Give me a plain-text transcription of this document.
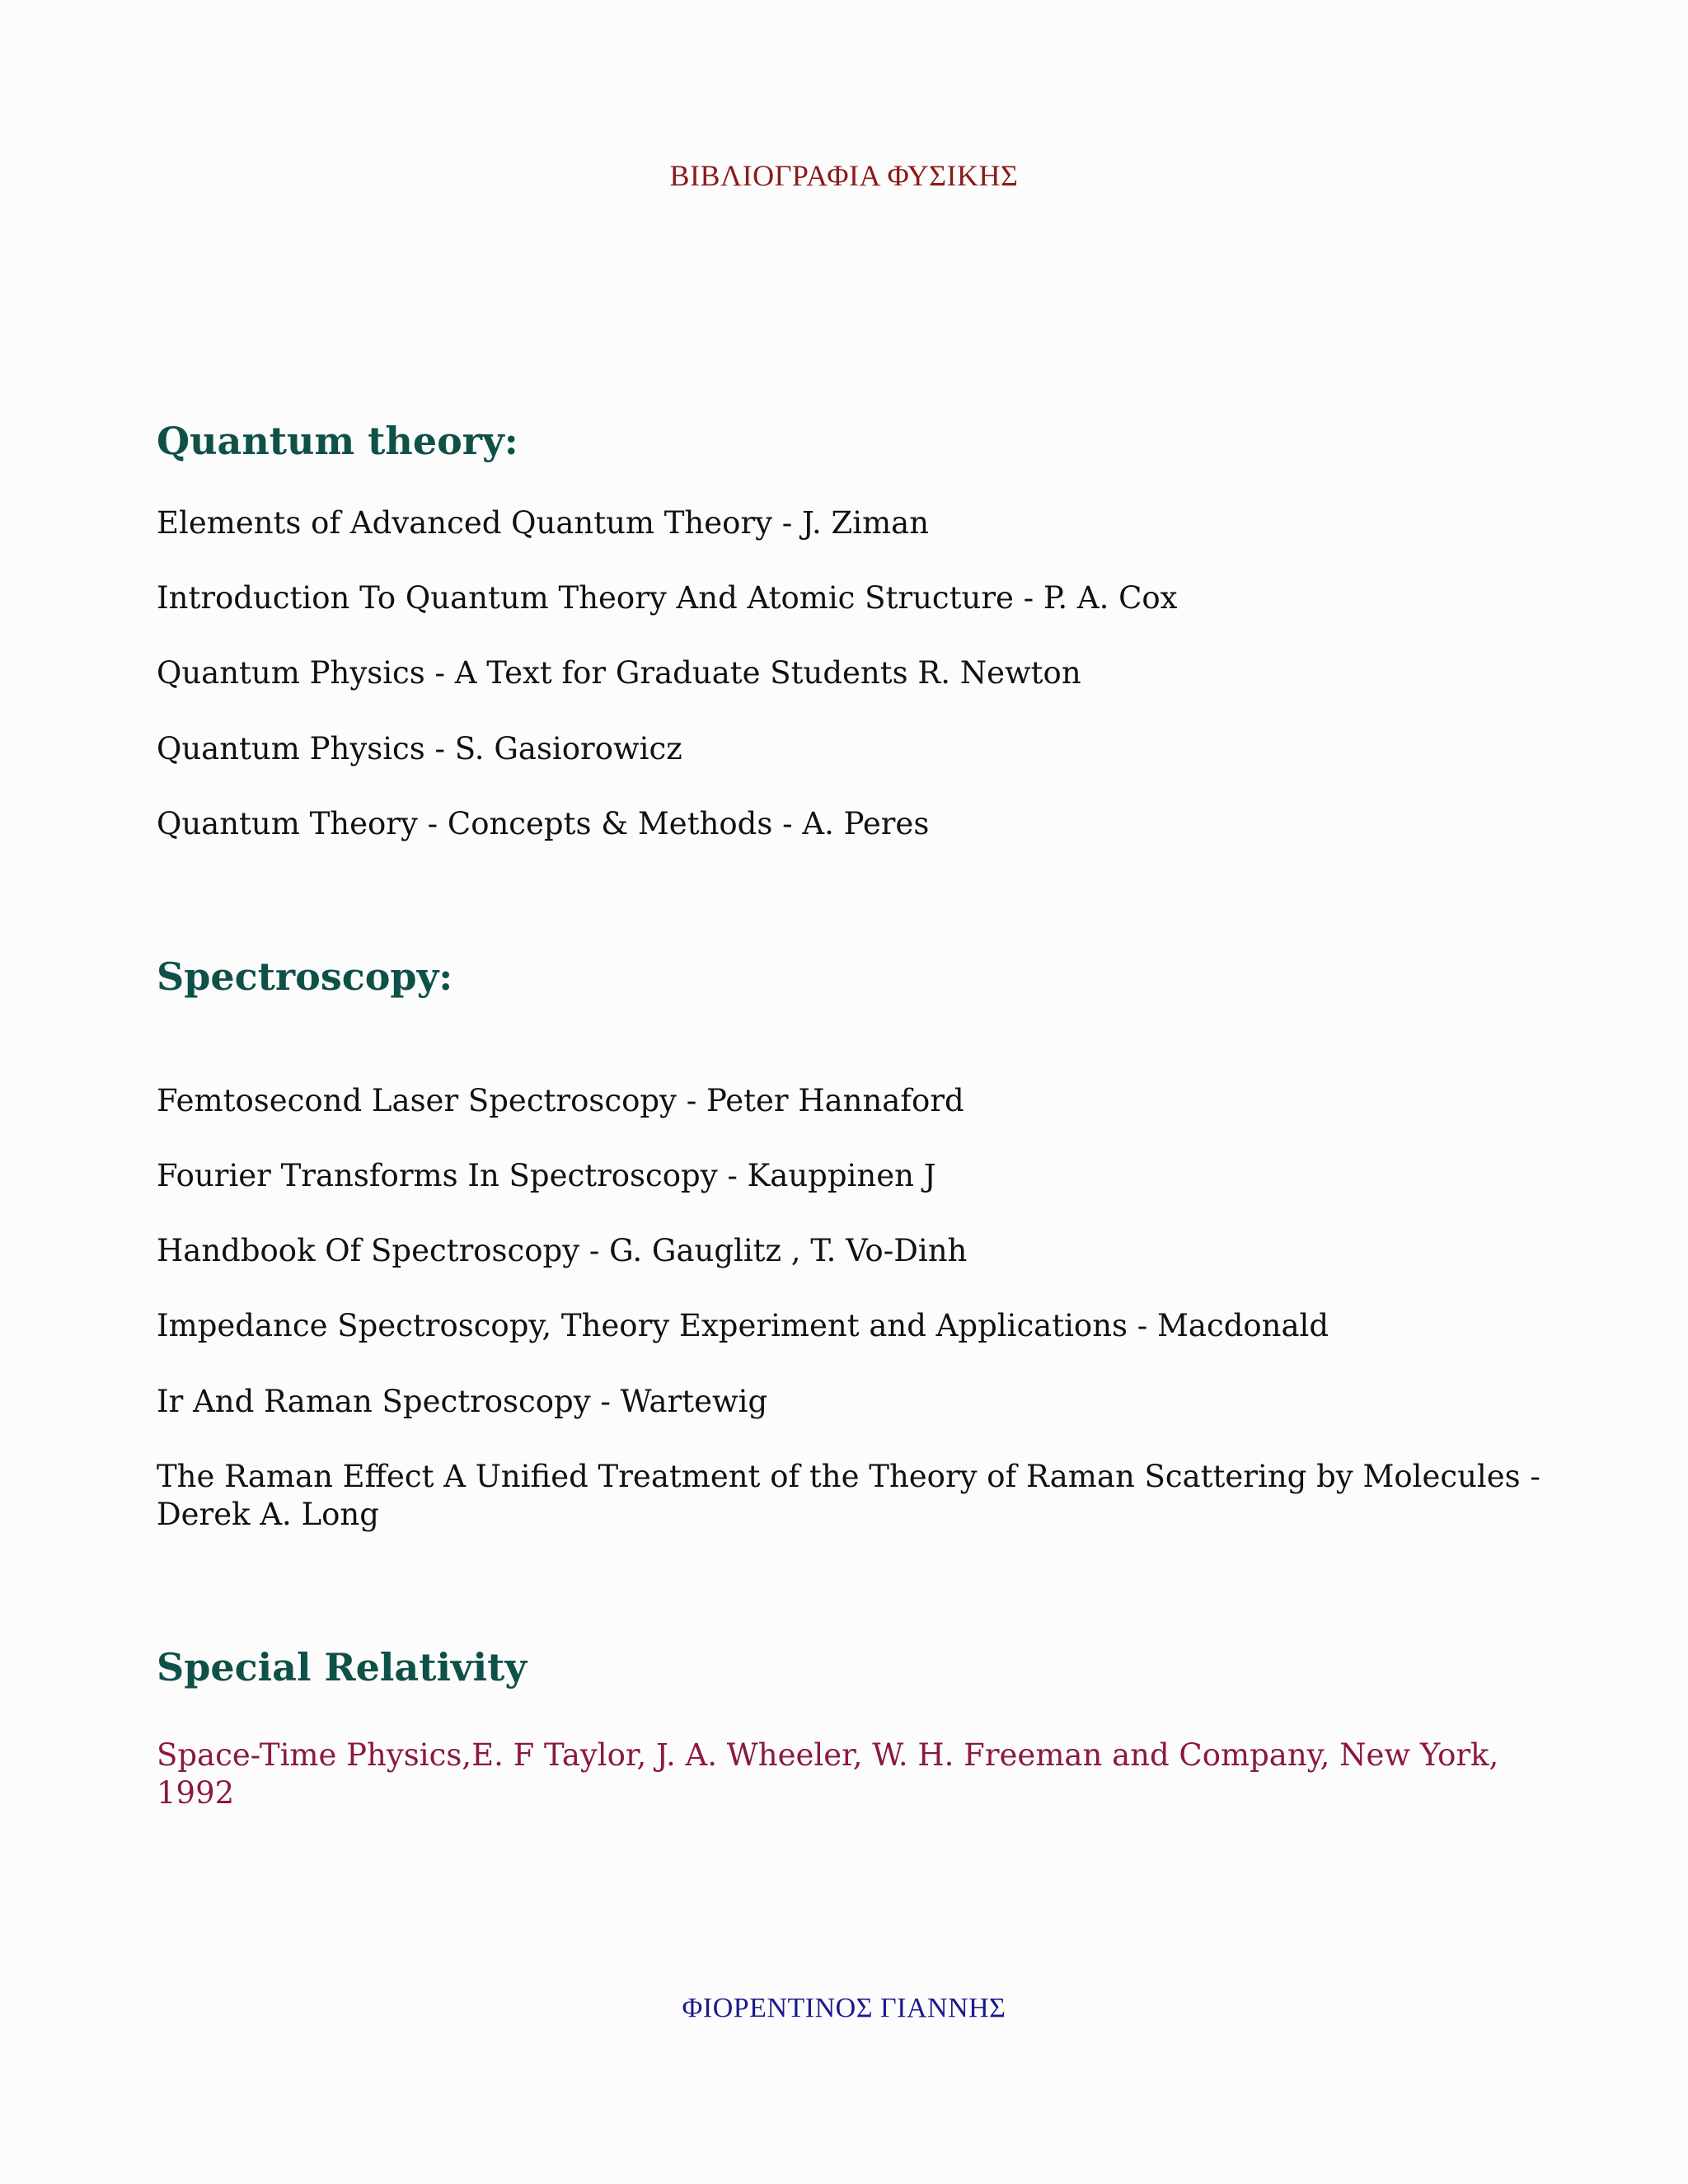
ΒΙΒΛΙΟΓΡΑΦΙΑ ΦΥΣΙΚΗΣ
Quantum theory:

Elements of Advanced Quantum Theory - J. Ziman

Introduction To Quantum Theory And Atomic Structure - P. A. Cox

Quantum Physics - A Text for Graduate Students R. Newton

Quantum Physics - S. Gasiorowicz

Quantum Theory - Concepts & Methods - A. Peres

Spectroscopy:

Femtosecond Laser Spectroscopy - Peter Hannaford

Fourier Transforms In Spectroscopy - Kauppinen J

Handbook Of Spectroscopy - G. Gauglitz , T. Vo-Dinh

Impedance Spectroscopy, Theory Experiment and Applications - Macdonald

Ir And Raman Spectroscopy - Wartewig

The Raman Effect A Unified Treatment of the Theory of Raman Scattering by Molecules - Derek A. Long

Special Relativity

Space-Time Physics,E. F Taylor, J. A. Wheeler, W. H. Freeman and Company, New York, 1992

ΦΙΟΡΕΝΤΙΝΟΣ ΓΙΑΝΝΗΣ
